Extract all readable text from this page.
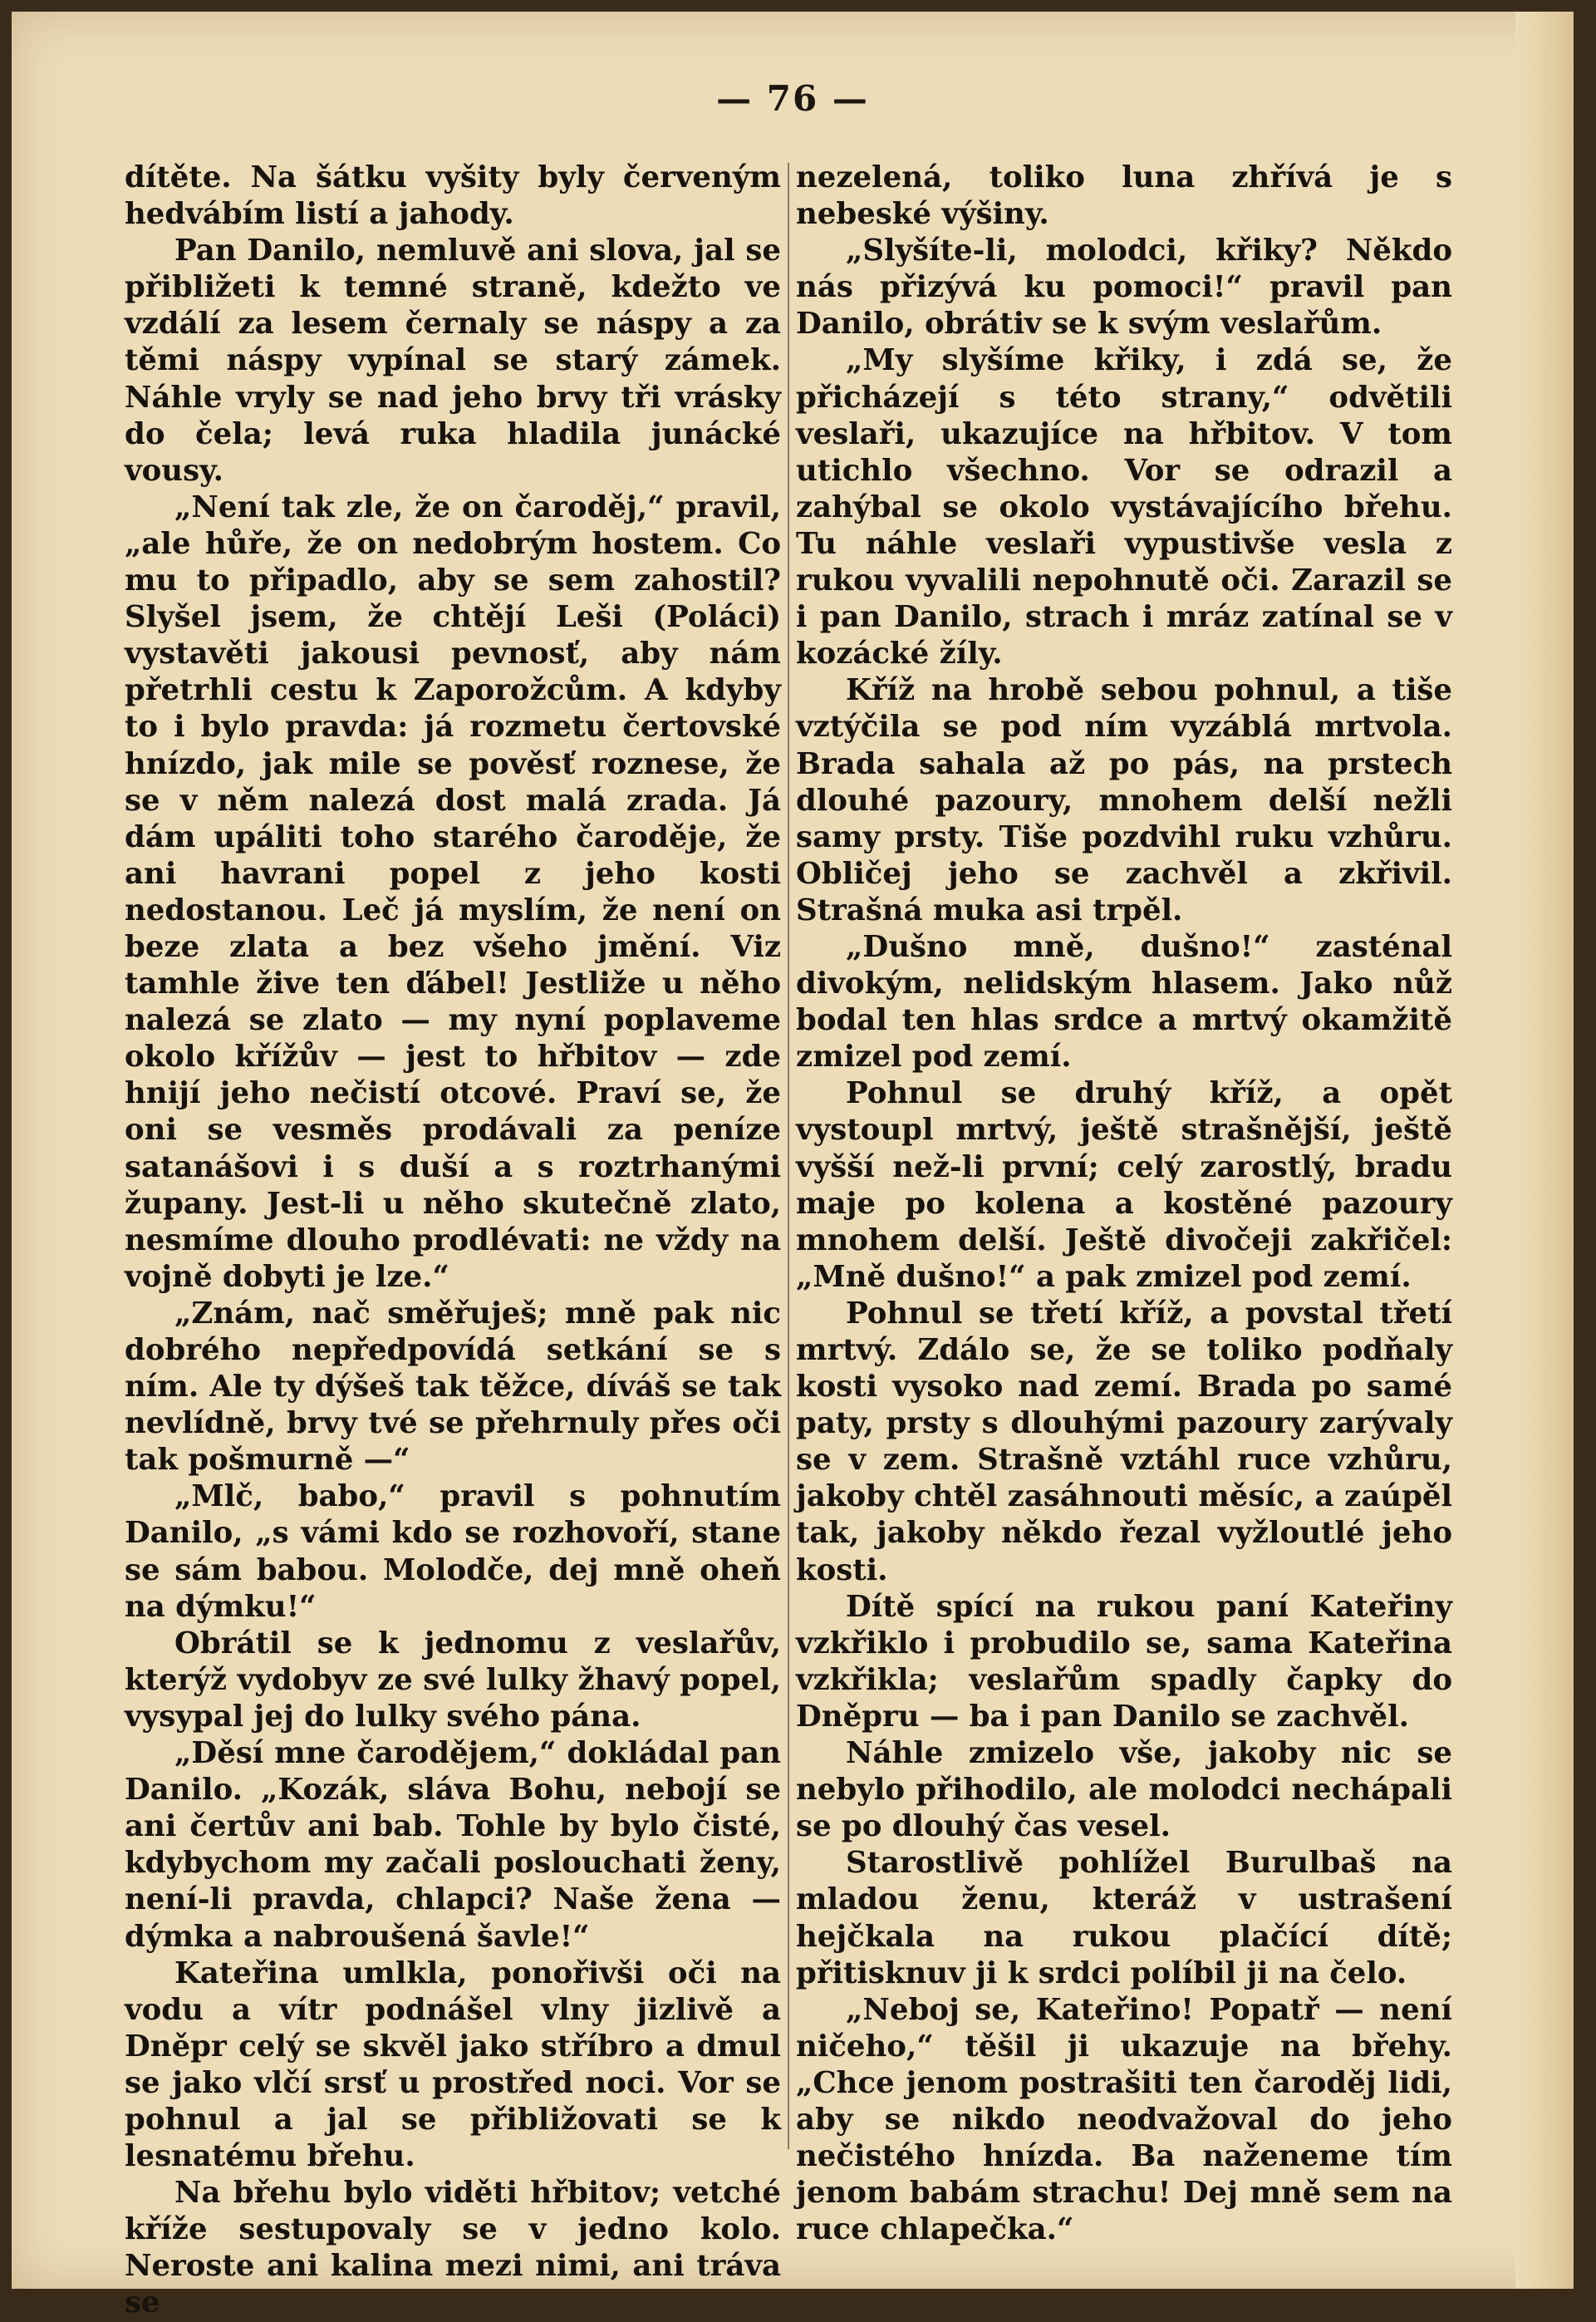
— 76 —

dítěte. Na šátku vyšity byly červeným hedvábím listí a jahody.

Pan Danilo, nemluvě ani slova, jal se přibližeti k temné straně, kdežto ve vzdálí za lesem černaly se náspy a za těmi náspy vypínal se starý zámek. Náhle vryly se nad jeho brvy tři vrásky do čela; levá ruka hladila junácké vousy.

„Není tak zle, že on čaroděj,“ pravil, „ale hůře, že on nedobrým hostem. Co mu to připadlo, aby se sem zahostil? Slyšel jsem, že chtějí Leši (Poláci) vystavěti jakousi pevnosť, aby nám přetrhli cestu k Zaporožcům. A kdyby to i bylo pravda: já rozmetu čertovské hnízdo, jak mile se pověsť roznese, že se v něm nalezá dost malá zrada. Já dám upáliti toho starého čaroděje, že ani havrani popel z jeho kosti nedostanou. Leč já myslím, že není on beze zlata a bez všeho jmění. Viz tamhle žive ten ďábel! Jestliže u něho nalezá se zlato — my nyní poplaveme okolo křížův — jest to hřbitov — zde hnijí jeho nečistí otcové. Praví se, že oni se vesměs prodávali za peníze satanášovi i s duší a s roztrhanými župany. Jest-li u něho skutečně zlato, nesmíme dlouho prodlévati: ne vždy na vojně dobyti je lze.“

„Znám, nač směřuješ; mně pak nic dobrého nepředpovídá setkání se s ním. Ale ty dýšeš tak těžce, díváš se tak nevlídně, brvy tvé se přehrnuly přes oči tak pošmurně —“

„Mlč, babo,“ pravil s pohnutím Danilo, „s vámi kdo se rozhovoří, stane se sám babou. Molodče, dej mně oheň na dýmku!“

Obrátil se k jednomu z veslařův, kterýž vydobyv ze své lulky žhavý popel, vysypal jej do lulky svého pána.

„Děsí mne čarodějem,“ dokládal pan Danilo. „Kozák, sláva Bohu, nebojí se ani čertův ani bab. Tohle by bylo čisté, kdybychom my začali poslouchati ženy, není-li pravda, chlapci? Naše žena — dýmka a nabroušená šavle!“

Kateřina umlkla, ponořivši oči na vodu a vítr podnášel vlny jizlivě a Dněpr celý se skvěl jako stříbro a dmul se jako vlčí srsť u prostřed noci. Vor se pohnul a jal se přibližovati se k lesnatému břehu.

Na břehu bylo viděti hřbitov; vetché kříže sestupovaly se v jedno kolo. Neroste ani kalina mezi nimi, ani tráva se

nezelená, toliko luna zhřívá je s nebeské výšiny.

„Slyšíte-li, molodci, křiky? Někdo nás přizývá ku pomoci!“ pravil pan Danilo, obrátiv se k svým veslařům.

„My slyšíme křiky, i zdá se, že přicházejí s této strany,“ odvětili veslaři, ukazujíce na hřbitov. V tom utichlo všechno. Vor se odrazil a zahýbal se okolo vystávajícího břehu. Tu náhle veslaři vypustivše vesla z rukou vyvalili nepohnutě oči. Zarazil se i pan Danilo, strach i mráz zatínal se v kozácké žíly.

Kříž na hrobě sebou pohnul, a tiše vztýčila se pod ním vyzáblá mrtvola. Brada sahala až po pás, na prstech dlouhé pazoury, mnohem delší nežli samy prsty. Tiše pozdvihl ruku vzhůru. Obličej jeho se zachvěl a zkřivil. Strašná muka asi trpěl.

„Dušno mně, dušno!“ zasténal divokým, nelidským hlasem. Jako nůž bodal ten hlas srdce a mrtvý okamžitě zmizel pod zemí.

Pohnul se druhý kříž, a opět vystoupl mrtvý, ještě strašnější, ještě vyšší než-li první; celý zarostlý, bradu maje po kolena a kostěné pazoury mnohem delší. Ještě divočeji zakřičel: „Mně dušno!“ a pak zmizel pod zemí.

Pohnul se třetí kříž, a povstal třetí mrtvý. Zdálo se, že se toliko podňaly kosti vysoko nad zemí. Brada po samé paty, prsty s dlouhými pazoury zarývaly se v zem. Strašně vztáhl ruce vzhůru, jakoby chtěl zasáhnouti měsíc, a zaúpěl tak, jakoby někdo řezal vyžloutlé jeho kosti.

Dítě spící na rukou paní Kateřiny vzkřiklo i probudilo se, sama Kateřina vzkřikla; veslařům spadly čapky do Dněpru — ba i pan Danilo se zachvěl.

Náhle zmizelo vše, jakoby nic se nebylo přihodilo, ale molodci nechápali se po dlouhý čas vesel.

Starostlivě pohlížel Burulbaš na mladou ženu, kteráž v ustrašení hejčkala na rukou plačící dítě; přitisknuv ji k srdci políbil ji na čelo.

„Neboj se, Kateřino! Popatř — není ničeho,“ těšil ji ukazuje na břehy. „Chce jenom postrašiti ten čaroděj lidi, aby se nikdo neodvažoval do jeho nečistého hnízda. Ba naženeme tím jenom babám strachu! Dej mně sem na ruce chlapečka.“
